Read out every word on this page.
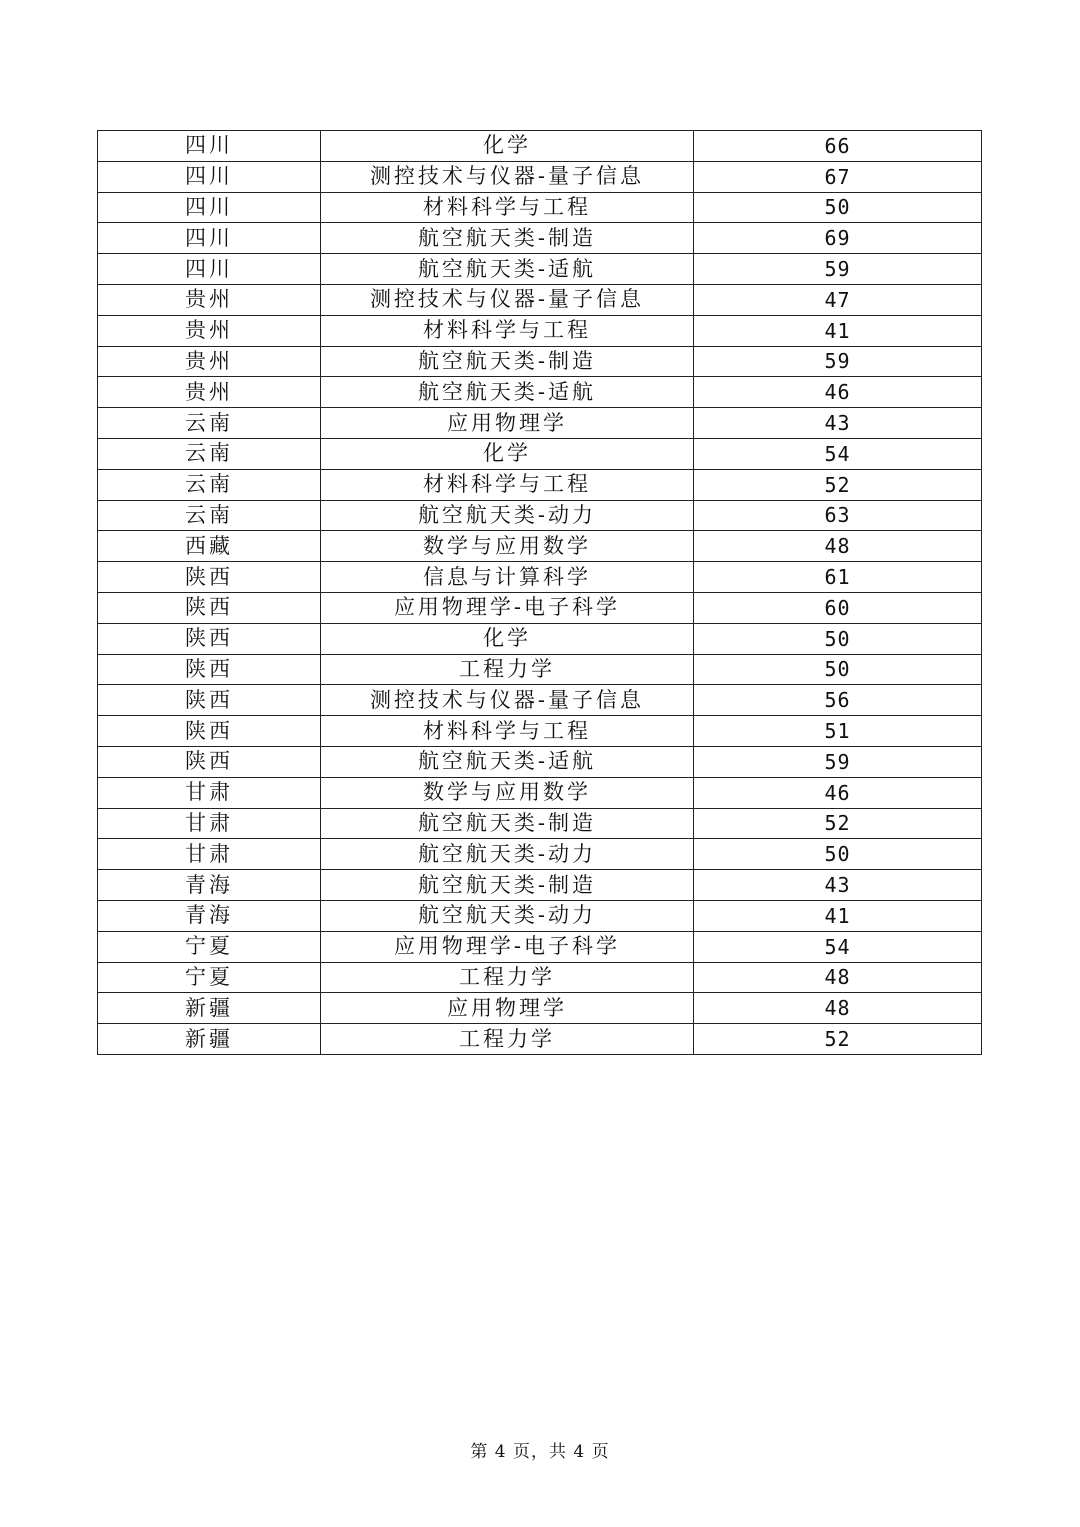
四川	化学	66
四川	测控技术与仪器-量子信息	67
四川	材料科学与工程	50
四川	航空航天类-制造	69
四川	航空航天类-适航	59
贵州	测控技术与仪器-量子信息	47
贵州	材料科学与工程	41
贵州	航空航天类-制造	59
贵州	航空航天类-适航	46
云南	应用物理学	43
云南	化学	54
云南	材料科学与工程	52
云南	航空航天类-动力	63
西藏	数学与应用数学	48
陕西	信息与计算科学	61
陕西	应用物理学-电子科学	60
陕西	化学	50
陕西	工程力学	50
陕西	测控技术与仪器-量子信息	56
陕西	材料科学与工程	51
陕西	航空航天类-适航	59
甘肃	数学与应用数学	46
甘肃	航空航天类-制造	52
甘肃	航空航天类-动力	50
青海	航空航天类-制造	43
青海	航空航天类-动力	41
宁夏	应用物理学-电子科学	54
宁夏	工程力学	48
新疆	应用物理学	48
新疆	工程力学	52
第 4 页，共 4 页
